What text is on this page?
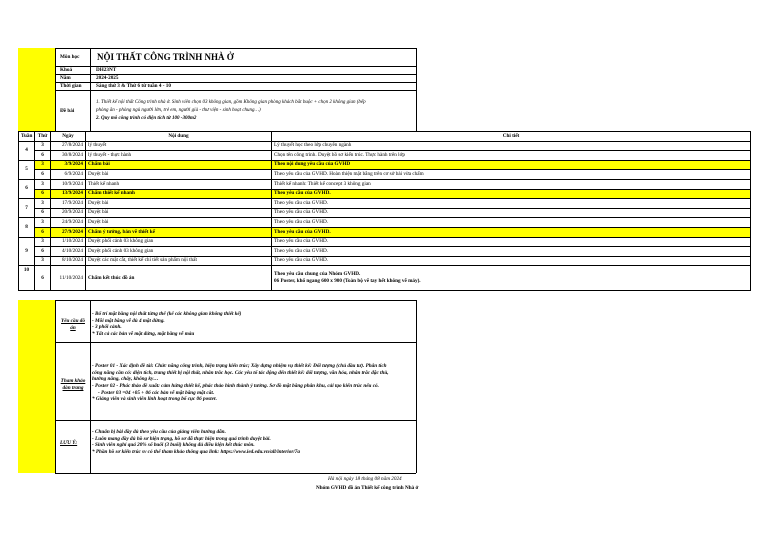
Môn học NỘI THẤT CÔNG TRÌNH NHÀ Ở
Khoá	DH23NT
Năm	2024-2025
Thời gian	Sáng thứ 3 & Thứ 6 từ tuần 4 - 10
Đề bài
1. Thiết kế nội thất Công trình nhà ở. Sinh viên chọn 03 không gian, gồm Không gian phòng khách bắt buộc + chọn 2 không gian (bếp
phòng ăn - phòng ngủ người lớn, trẻ em, người già - thư viện - sinh hoạt chung…)
2. Quy mô công trình có diện tích từ 100 -300m2
Tuần	Thứ	Ngày	Nội dung	Chi tiết
4	3	27/8/2024	lý thuyết	Lý thuyết học theo lớp chuyên ngành
	6	30/8/2024	lý thuyết - thực hành	Chọn tên công trình. Duyệt hồ sơ kiến trúc. Thực hành trên lớp
5	3	3/9/2024	Chấm bài	Theo nội dung yêu cầu của GVHD
	6	6/9/2024	Duyệt bài	Theo yêu cầu của GVHD. Hoàn thiện mặt bằng trên cơ sở bài vừa chấm
6	3	10/9/2024	Thiết kế nhanh	Thiết kế nhanh: Thiết kế concept 3 không gian
	6	13/9/2024	Chấm thiết kế nhanh	Theo yêu cầu của GVHD.
7	3	17/9/2024	Duyệt bài	Theo yêu cầu của GVHD.
	6	20/9/2024	Duyệt bài	Theo yêu cầu của GVHD.
8	3	24/9/2024	Duyệt bài	Theo yêu cầu của GVHD.
	6	27/9/2024	Chấm ý tưởng, bản vẽ thiết kế	Theo yêu cầu của GVHD.
9	3	1/10/2024	Duyệt phối cảnh 03 không gian	Theo yêu cầu của GVHD.
	6	4/10/2024	Duyệt phối cảnh 03 không gian	Theo yêu cầu của GVHD.
	3	8/10/2024	Duyệt các mặt cắt, thiết kế chi tiết sản phẩm nội thất	Theo yêu cầu của GVHD.
10	6	11/10/2024	Chấm kết thúc đồ án	Theo yêu cầu chung của Nhóm GVHD.
06 Poster, khổ ngang 600 x 900 (Toàn bộ vẽ tay hết không vẽ máy).
Yêu cầu đồ
án
- Bố trí mặt bằng nội thất từng thể (kể các không gian không thiết kế)
- Mỗi mặt bằng vẽ đủ 4 mặt đứng.
- 3 phối cảnh.
* Tất cả các bản vẽ mặt đứng, mặt bằng vẽ màu
Tham khảo
dàn trang
- Poster 01 - Xác định đề tài: Chức năng công trình, hiện trạng kiến trúc; Xây dựng nhiệm vụ thiết kế: Đối tượng (chủ đầu tư). Phân tích
công năng cần có: diện tích, trang thiết bị nội thất, nhân trắc học. Các yêu tố tác động đến thiết kế: đối tượng, văn hóa, nhân trắc đặc thù,
hướng nắng, chây, không ky…
- Poster 02 - Phác thảo đề xuất: cảm hứng thiết kế, phác thảo hình thành ý tưởng. Sơ đồ mặt bằng phân khu, cải tạo kiến trúc nếu có.
- Poster 03 =04 +05 + 06 các bản vẽ mặt bằng mặt cắt.
* Giảng viên và sinh viên linh hoạt trong bố cục 06 poster.
LƯU Ý:
- Chuẩn bị bài đầy đủ theo yêu cầu của giảng viên hướng dẫn.
- Luôn mang đầy đủ hồ sơ hiện trạng, hồ sơ đã thực hiện trong quá trình duyệt bài.
- Sinh viên nghỉ quá 20% số buổi (3 buổi) không đủ điều kiện kết thúc môn.
* Phần hồ sơ kiến trúc sv có thể tham khảo thông qua link: https://www.ied.edu.vn/all/interior/7a
Hà nội ngày 18 tháng 08 năm 2024
Nhóm GVHD đồ án Thiết kế công trình Nhà ở
